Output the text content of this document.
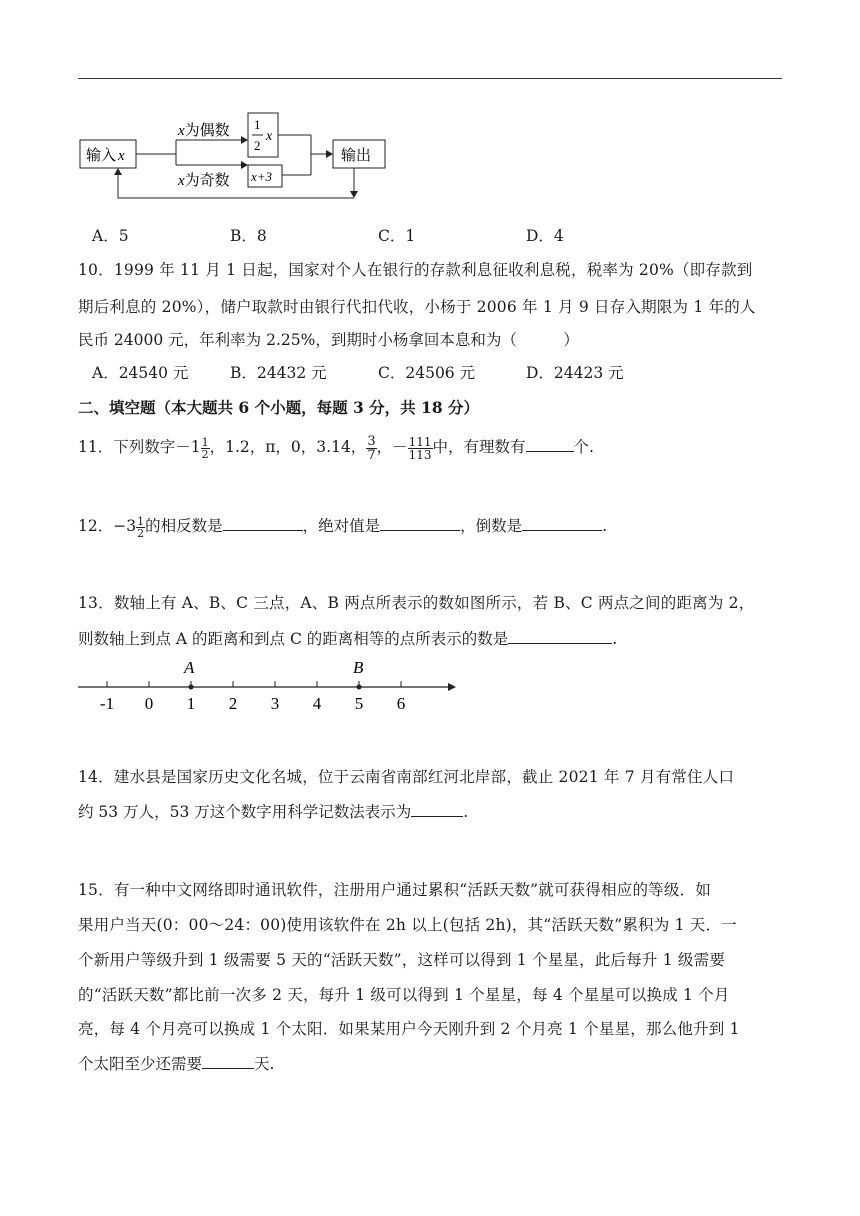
输入 x
x为偶数
x为奇数
1
2
x
x+3
输出
A．5	B．8	C．1	D．4
10．1999 年 11 月 1 日起，国家对个人在银行的存款利息征收利息税，税率为 20%（即存款到
期后利息的 20%），储户取款时由银行代扣代收，小杨于 2006 年 1 月 9 日存入期限为 1 年的人
民币 24000 元，年利率为 2.25%，到期时小杨拿回本息和为（　　　）
A．24540 元	B．24432 元	C．24506 元	D．24423 元
二、填空题（本大题共 6 个小题，每题 3 分，共 18 分）
11．下列数字$-1 \frac{1}{2}$ ，1.2，π，0，3.14， $\frac{3}{7}$ ，－ $\frac{111}{113}$ 中，有理数有	个.
12．$-3 \frac{1}{2}$ 的相反数是	，绝对值是	，倒数是	.
13．数轴上有 A、B、C 三点，A、B 两点所表示的数如图所示，若 B、C 两点之间的距离为 2，
则数轴上到点 A 的距离和到点 C 的距离相等的点所表示的数是	.
-1 0 1 2 3 4 5 6
A	B
14．建水县是国家历史文化名城，位于云南省南部红河北岸部，截止 2021 年 7 月有常住人口
约 53 万人，53 万这个数字用科学记数法表示为	.
15．有一种中文网络即时通讯软件，注册用户通过累积“活跃天数”就可获得相应的等级．如
果用户当天(0：00～24：00)使用该软件在 2h 以上(包括 2h)，其“活跃天数”累积为 1 天．一
个新用户等级升到 1 级需要 5 天的“活跃天数”，这样可以得到 1 个星星，此后每升 1 级需要
的“活跃天数”都比前一次多 2 天，每升 1 级可以得到 1 个星星，每 4 个星星可以换成 1 个月
亮，每 4 个月亮可以换成 1 个太阳．如果某用户今天刚升到 2 个月亮 1 个星星，那么他升到 1
个太阳至少还需要	天.
